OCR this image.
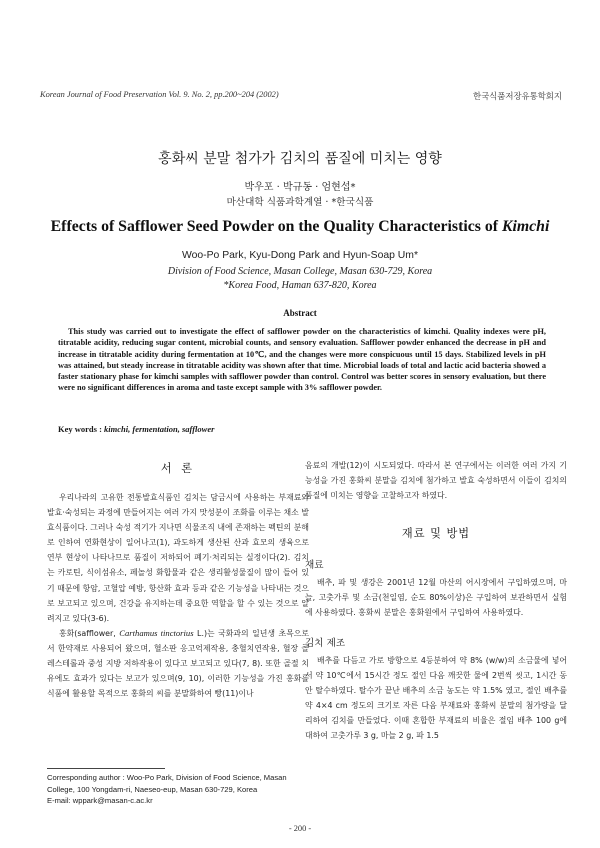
Korean Journal of Food Preservation Vol. 9. No. 2, pp.200~204 (2002)	한국식품저장유통학회지
홍화씨 분말 첨가가 김치의 품질에 미치는 영향
박우포 · 박규동 · 엄현섭*
마산대학 식품과학계열 · *한국식품
Effects of Safflower Seed Powder on the Quality Characteristics of Kimchi
Woo-Po Park, Kyu-Dong Park and Hyun-Soap Um*
Division of Food Science, Masan College, Masan 630-729, Korea
*Korea Food, Haman 637-820, Korea
Abstract

This study was carried out to investigate the effect of safflower powder on the characteristics of kimchi. Quality indexes were pH, titratable acidity, reducing sugar content, microbial counts, and sensory evaluation. Safflower powder enhanced the decrease in pH and increase in titratable acidity during fermentation at 10℃, and the changes were more conspicuous until 15 days. Stabilized levels in pH was attained, but steady increase in titratable acidity was shown after that time. Microbial loads of total and lactic acid bacteria showed a faster stationary phase for kimchi samples with safflower powder than control. Control was better scores in sensory evaluation, but there were no significant differences in aroma and taste except sample with 3% safflower powder.

Key words : kimchi, fermentation, safflower
서 론

우리나라의 고유한 전통발효식품인 김치는 담금시에 사용하는 부재료와 발효·숙성되는 과정에 만들어지는 여러 가지 맛성분이 조화를 이루는 채소 발효식품이다. 그러나 숙성 적기가 지나면 식물조직 내에 존재하는 펙틴의 분해로 인하여 연화현상이 일어나고(1), 과도하게 생산된 산과 효모의 생육으로 연부 현상이 나타나므로 품질이 저하되어 폐기·처리되는 실정이다(2). 김치는 카로틴, 식이섬유소, 페놀성 화합물과 같은 생리활성물질이 많이 들어 있기 때문에 항암, 고혈압 예방, 항산화 효과 등과 같은 기능성을 나타내는 것으로 보고되고 있으며, 건강을 유지하는데 중요한 역할을 할 수 있는 것으로 알려지고 있다(3-6).

홍화(safflower, Carthamus tinctorius L.)는 국화과의 일년생 초목으로서 한약재로 사용되어 왔으며, 혈소판 응고억제작용, 충혈치연작용, 혈장 콜레스테롤과 중성 지방 저하작용이 있다고 보고되고 있다(7, 8). 또한 골절 치유에도 효과가 있다는 보고가 있으며(9, 10), 이러한 기능성을 가진 홍화를 식품에 활용할 목적으로 홍화의 씨를 분말화하여 빵(11)이나

음료의 개발(12)이 시도되었다. 따라서 본 연구에서는 이러한 여러 가지 기능성을 가진 홍화씨 분말을 김치에 첨가하고 발효 숙성하면서 이들이 김치의 품질에 미치는 영향을 고찰하고자 하였다.

재료 및 방법
재료

배추, 파 및 생강은 2001년 12월 마산의 어시장에서 구입하였으며, 마늘, 고춧가루 및 소금(천일염, 순도 80%이상)은 구입하여 보관하면서 실험에 사용하였다. 홍화씨 분말은 홍화원에서 구입하여 사용하였다.

김치 제조

배추를 다듬고 가로 방향으로 4등분하여 약 8% (w/w)의 소금물에 넣어서 약 10℃에서 15시간 정도 절인 다음 깨끗한 물에 2번씩 씻고, 1시간 동안 탈수하였다. 탈수가 끝난 배추의 소금 농도는 약 1.5% 였고, 절인 배추를 약 4×4 cm 정도의 크기로 자른 다음 부재료와 홍화씨 분말의 첨가량을 달리하여 김치를 만들었다. 이때 혼합한 부재료의 비율은 절임 배추 100 g에 대하여 고춧가루 3 g, 마늘 2 g, 파 1.5

Corresponding author : Woo-Po Park, Division of Food Science, Masan College, 100 Yongdam-ri, Naeseo-eup, Masan 630-729, Korea

E-mail: wppark@masan-c.ac.kr

- 200 -
